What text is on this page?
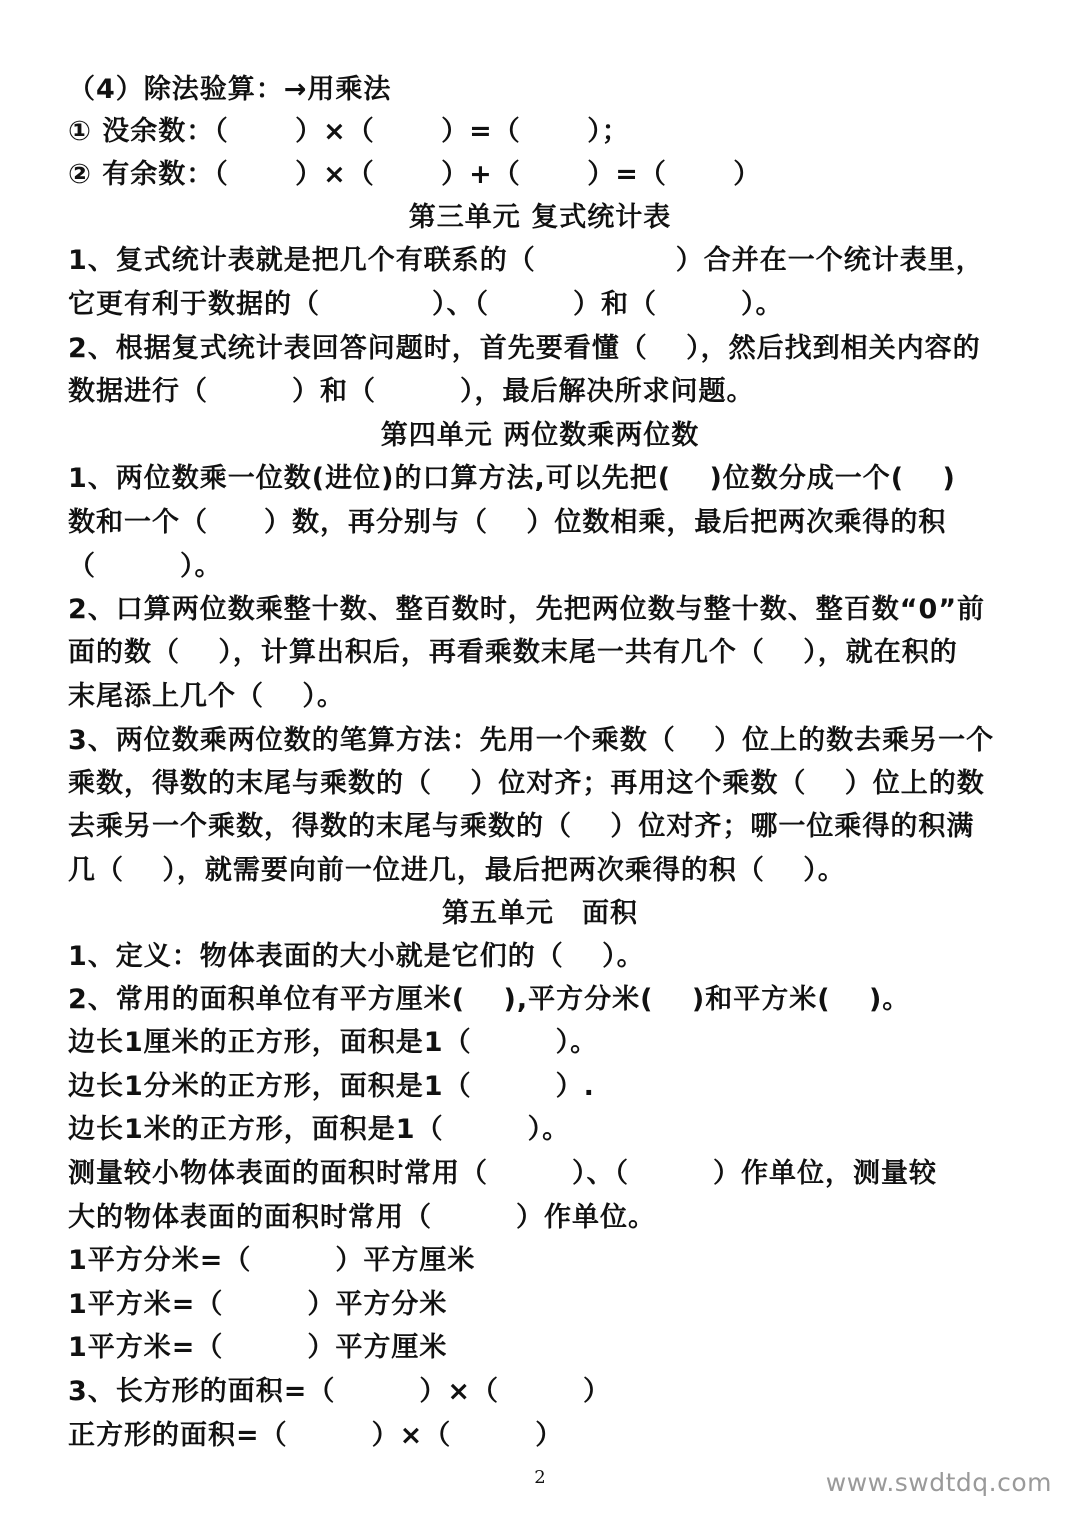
（4）除法验算：→用乘法
① 没余数：（　　 ）×（　　 ）=（　　 ）；
② 有余数：（　　 ）×（　　 ）+（　　 ）=（　　 ）
第三单元 复式统计表
1、复式统计表就是把几个有联系的（　　　　　）合并在一个统计表里，
它更有利于数据的（　　　　）、（　　　）和（　　　）。
2、根据复式统计表回答问题时，首先要看懂（　 ），然后找到相关内容的
数据进行（　　　）和（　　　），最后解决所求问题。
第四单元 两位数乘两位数
1、两位数乘一位数(进位)的口算方法,可以先把(　 )位数分成一个(　 )
数和一个（　　）数，再分别与（　 ）位数相乘，最后把两次乘得的积
（　　　）。
2、口算两位数乘整十数、整百数时，先把两位数与整十数、整百数“0”前
面的数（　 ），计算出积后，再看乘数末尾一共有几个（　 ），就在积的
末尾添上几个（　 ）。
3、两位数乘两位数的笔算方法：先用一个乘数（　 ）位上的数去乘另一个
乘数，得数的末尾与乘数的（　 ）位对齐；再用这个乘数（　 ）位上的数
去乘另一个乘数，得数的末尾与乘数的（　 ）位对齐；哪一位乘得的积满
几（　 ），就需要向前一位进几，最后把两次乘得的积（　 ）。
第五单元　面积
1、定义：物体表面的大小就是它们的（　 ）。
2、常用的面积单位有平方厘米(　 ),平方分米(　 )和平方米(　 )。
边长1厘米的正方形，面积是1（　　　）。
边长1分米的正方形，面积是1（　　　）.
边长1米的正方形，面积是1（　　　）。
测量较小物体表面的面积时常用（　　　）、（　　　）作单位，测量较
大的物体表面的面积时常用（　　　）作单位。
1平方分米=（　　　）平方厘米
1平方米=（　　　）平方分米
1平方米=（　　　）平方厘米
3、长方形的面积=（　　　）×（　　　）
正方形的面积=（　　　）×（　　　）
2	www.swdtdq.com
